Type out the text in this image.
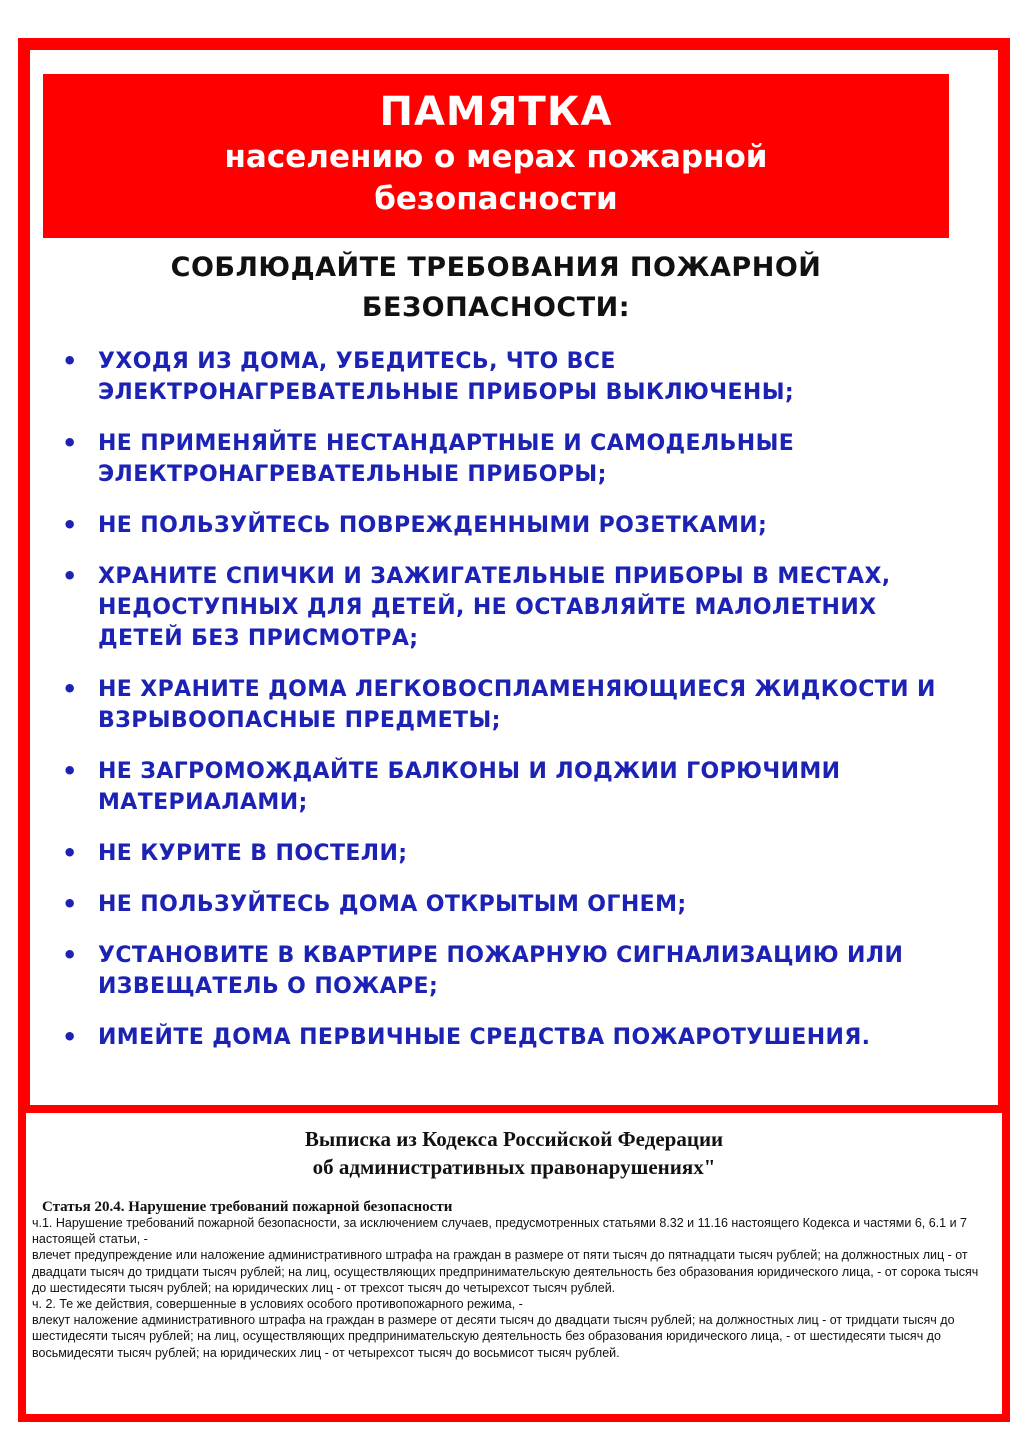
ПАМЯТКА
населению о мерах пожарной
безопасности
СОБЛЮДАЙТЕ ТРЕБОВАНИЯ ПОЖАРНОЙ
БЕЗОПАСНОСТИ:
• УХОДЯ ИЗ ДОМА, УБЕДИТЕСЬ, ЧТО ВСЕ ЭЛЕКТРОНАГРЕВАТЕЛЬНЫЕ ПРИБОРЫ ВЫКЛЮЧЕНЫ;
• НЕ ПРИМЕНЯЙТЕ НЕСТАНДАРТНЫЕ И САМОДЕЛЬНЫЕ ЭЛЕКТРОНАГРЕВАТЕЛЬНЫЕ ПРИБОРЫ;
• НЕ ПОЛЬЗУЙТЕСЬ ПОВРЕЖДЕННЫМИ РОЗЕТКАМИ;
• ХРАНИТЕ СПИЧКИ И ЗАЖИГАТЕЛЬНЫЕ ПРИБОРЫ В МЕСТАХ, НЕДОСТУПНЫХ ДЛЯ ДЕТЕЙ, НЕ ОСТАВЛЯЙТЕ МАЛОЛЕТНИХ ДЕТЕЙ БЕЗ ПРИСМОТРА;
• НЕ ХРАНИТЕ ДОМА ЛЕГКОВОСПЛАМЕНЯЮЩИЕСЯ ЖИДКОСТИ И ВЗРЫВООПАСНЫЕ ПРЕДМЕТЫ;
• НЕ ЗАГРОМОЖДАЙТЕ БАЛКОНЫ И ЛОДЖИИ ГОРЮЧИМИ МАТЕРИАЛАМИ;
• НЕ КУРИТЕ В ПОСТЕЛИ;
• НЕ ПОЛЬЗУЙТЕСЬ ДОМА ОТКРЫТЫМ ОГНЕМ;
• УСТАНОВИТЕ В КВАРТИРЕ ПОЖАРНУЮ СИГНАЛИЗАЦИЮ ИЛИ ИЗВЕЩАТЕЛЬ О ПОЖАРЕ;
• ИМЕЙТЕ ДОМА ПЕРВИЧНЫЕ СРЕДСТВА ПОЖАРОТУШЕНИЯ.
Выписка из Кодекса Российской Федерации
об административных правонарушениях"
Статья 20.4. Нарушение требований пожарной безопасности

ч.1. Нарушение требований пожарной безопасности, за исключением случаев, предусмотренных статьями 8.32 и 11.16 настоящего Кодекса и частями 6, 6.1 и 7 настоящей статьи, -

влечет предупреждение или наложение административного штрафа на граждан в размере от пяти тысяч до пятнадцати тысяч рублей; на должностных лиц - от двадцати тысяч до тридцати тысяч рублей; на лиц, осуществляющих предпринимательскую деятельность без образования юридического лица, - от сорока тысяч до шестидесяти тысяч рублей; на юридических лиц - от трехсот тысяч до четырехсот тысяч рублей.

ч. 2. Те же действия, совершенные в условиях особого противопожарного режима, -

влекут наложение административного штрафа на граждан в размере от десяти тысяч до двадцати тысяч рублей; на должностных лиц - от тридцати тысяч до шестидесяти тысяч рублей; на лиц, осуществляющих предпринимательскую деятельность без образования юридического лица, - от шестидесяти тысяч до восьмидесяти тысяч рублей; на юридических лиц - от четырехсот тысяч до восьмисот тысяч рублей.
